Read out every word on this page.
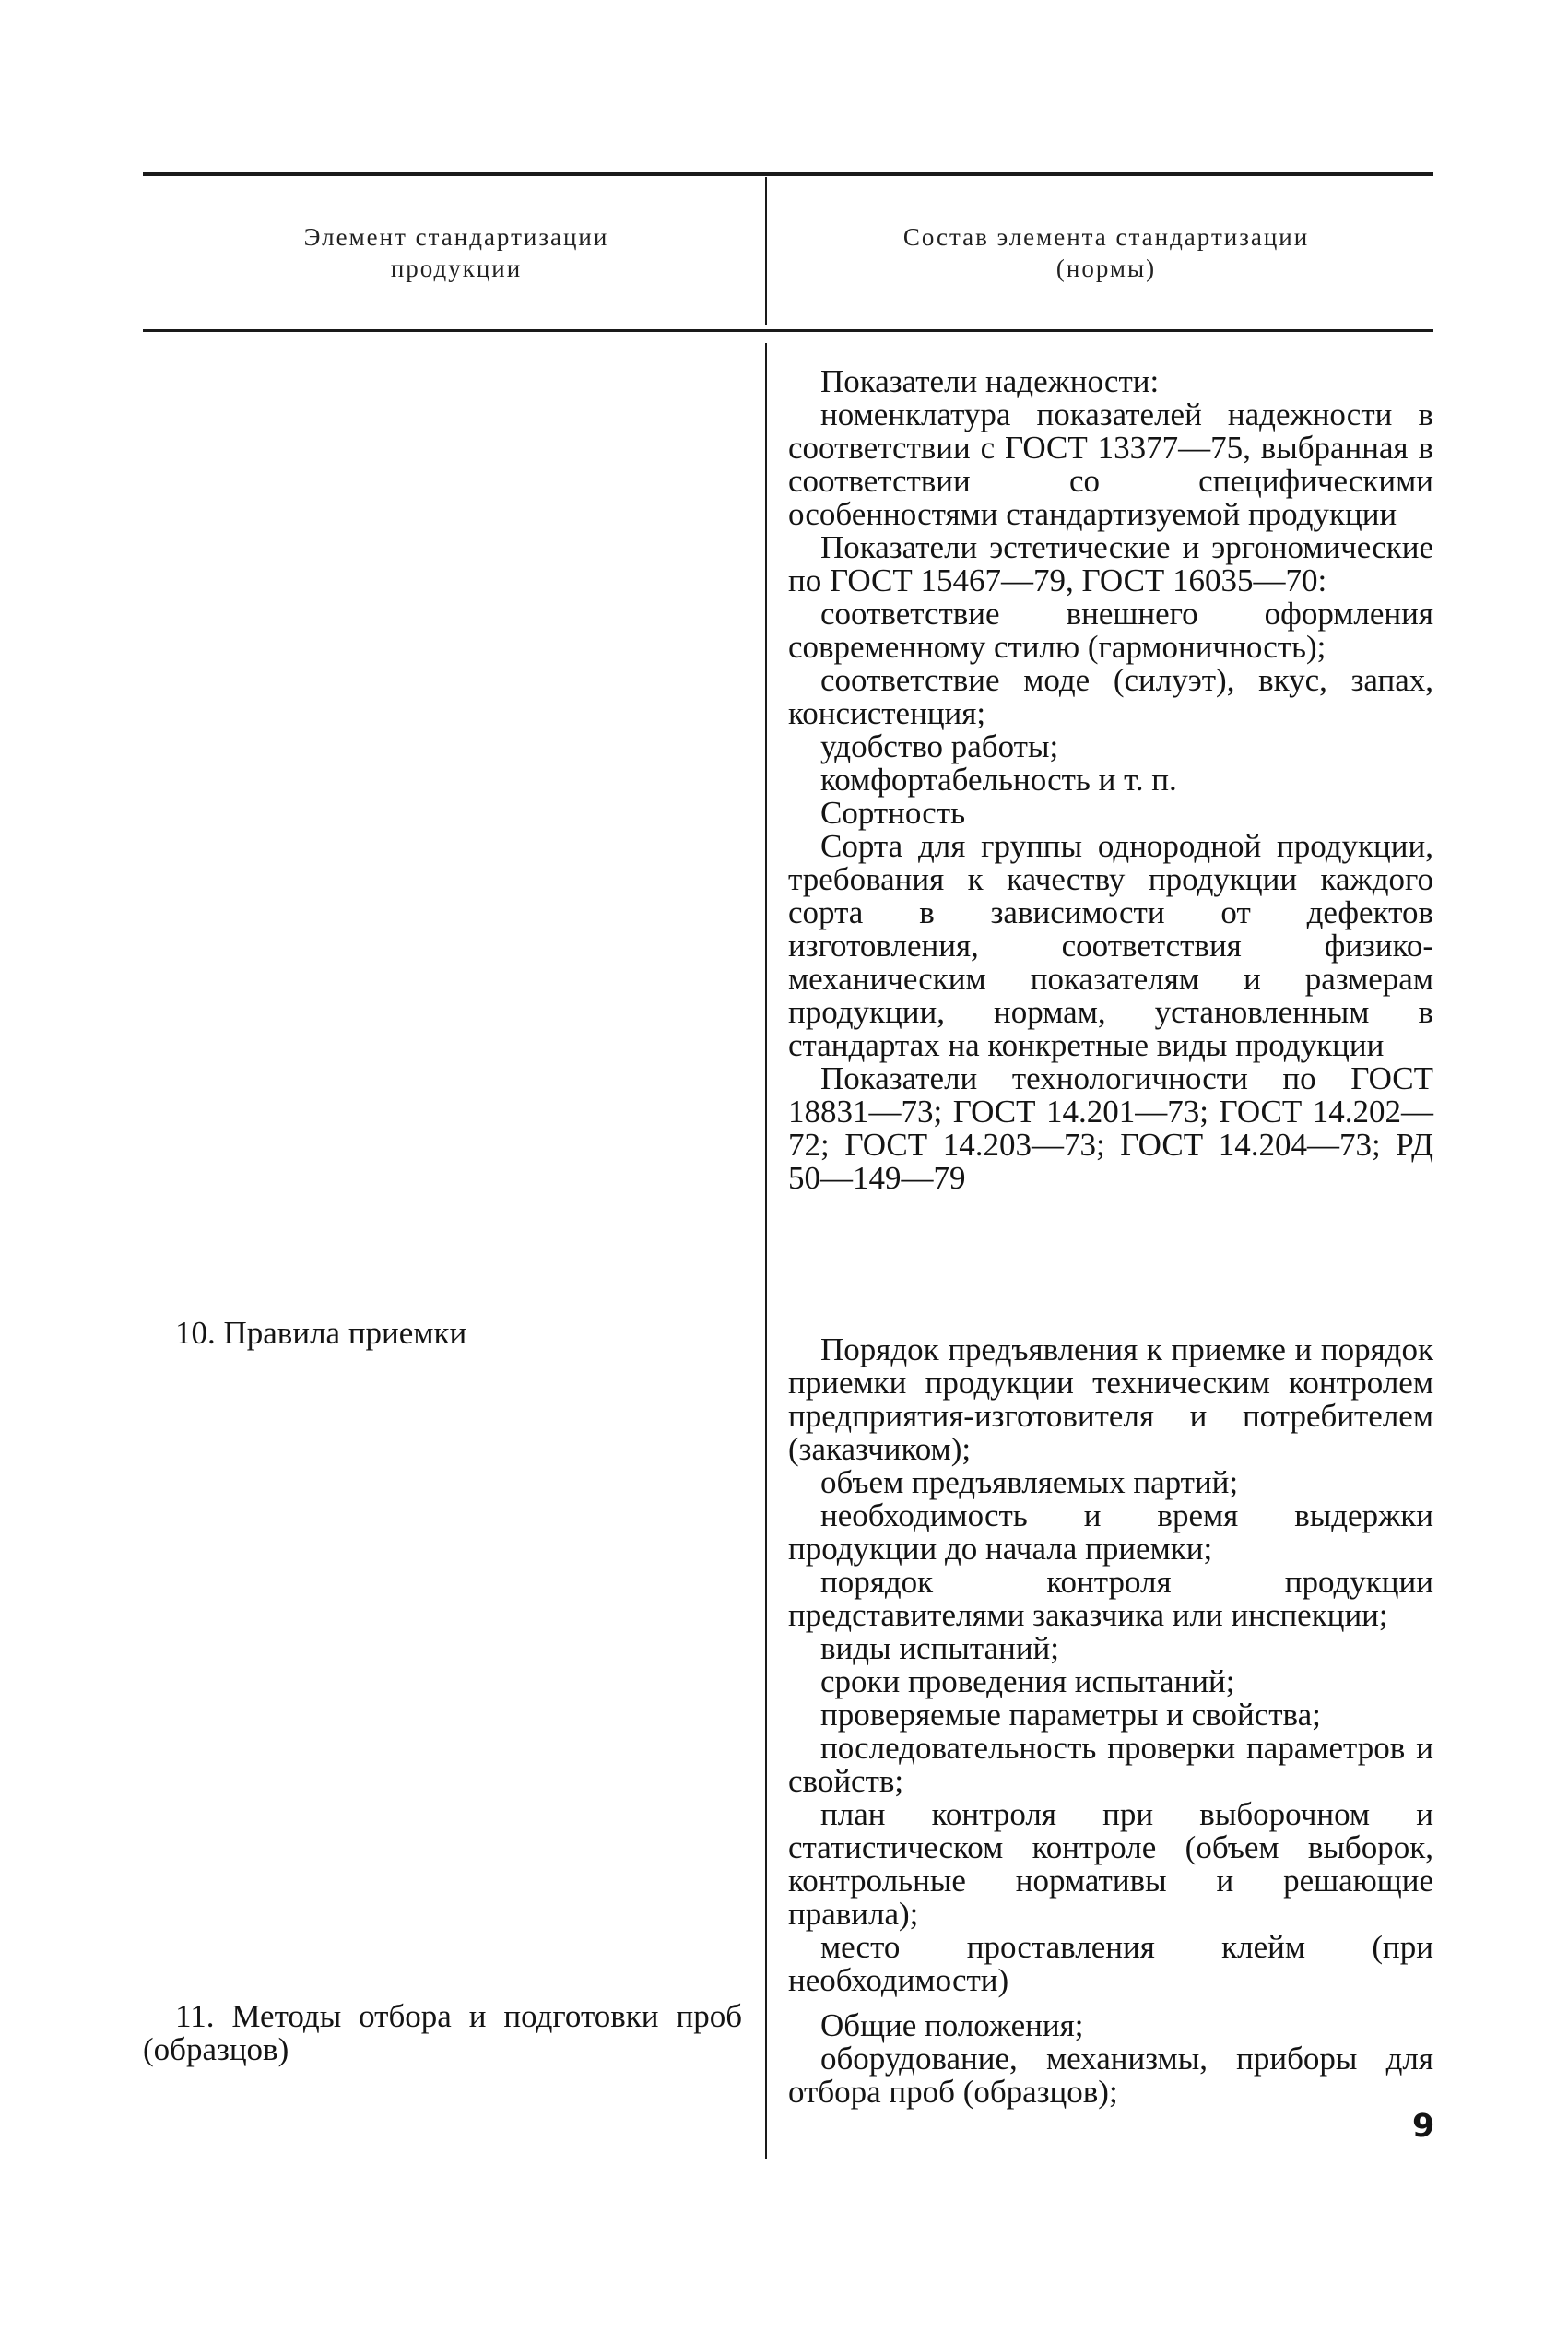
Элемент стандартизации
продукции
Состав элемента стандартизации
(нормы)

Показатели надежности:

номенклатура показателей надежности в соответствии с ГОСТ 13377—75, выбранная в соответствии со специфическими особенностями стандартизуемой продукции

Показатели эстетические и эргономические по ГОСТ 15467—79, ГОСТ 16035—70:

соответствие внешнего оформления современному стилю (гармоничность);

соответствие моде (силуэт), вкус, запах, консистенция;

удобство работы;

комфортабельность и т. п.

Сортность

Сорта для группы однородной продукции, требования к качеству продукции каждого сорта в зависимости от дефектов изготовления, соответствия физико-механическим показателям и размерам продукции, нормам, установленным в стандартах на конкретные виды продукции

Показатели технологичности по ГОСТ 18831—73; ГОСТ 14.201—73; ГОСТ 14.202—72; ГОСТ 14.203—73; ГОСТ 14.204—73; РД 50—149—79

10. Правила приемки	Порядок предъявления к приемке и порядок приемки продукции техническим контролем предприятия-изготовителя и потребителем (заказчиком);

объем предъявляемых партий;

необходимость и время выдержки продукции до начала приемки;

порядок контроля продукции представителями заказчика или инспекции;

виды испытаний;

сроки проведения испытаний;

проверяемые параметры и свойства;

последовательность проверки параметров и свойств;

план контроля при выборочном и статистическом контроле (объем выборок, контрольные нормативы и решающие правила);

место проставления клейм (при необходимости)

11. Методы отбора и подготовки проб (образцов)

Общие положения;

оборудование, механизмы, приборы для отбора проб (образцов);

9
